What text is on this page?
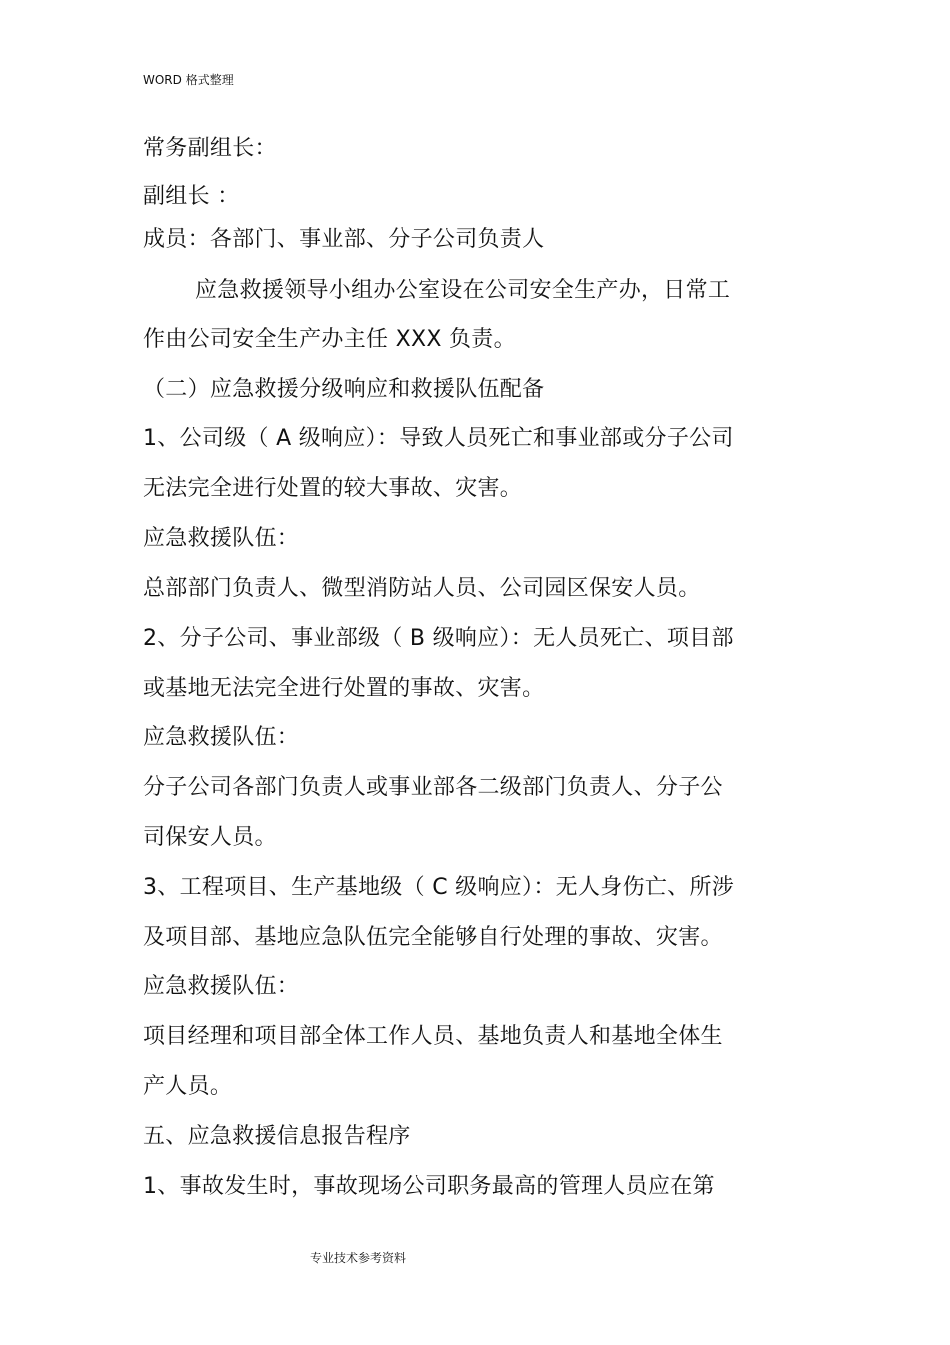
WORD 格式整理
常务副组长：
副组长 ：
成员：各部门、事业部、分子公司负责人
应急救援领导小组办公室设在公司安全生产办，日常工
作由公司安全生产办主任 XXX 负责。
（二）应急救援分级响应和救援队伍配备
1、公司级（ A 级响应）：导致人员死亡和事业部或分子公司
无法完全进行处置的较大事故、灾害。
应急救援队伍：
总部部门负责人、微型消防站人员、公司园区保安人员。
2、分子公司、事业部级（ B 级响应）：无人员死亡、项目部
或基地无法完全进行处置的事故、灾害。
应急救援队伍：
分子公司各部门负责人或事业部各二级部门负责人、分子公
司保安人员。
3、工程项目、生产基地级（ C 级响应）：无人身伤亡、所涉
及项目部、基地应急队伍完全能够自行处理的事故、灾害。
应急救援队伍：
项目经理和项目部全体工作人员、基地负责人和基地全体生
产人员。
五、应急救援信息报告程序
1、事故发生时，事故现场公司职务最高的管理人员应在第
专业技术参考资料
